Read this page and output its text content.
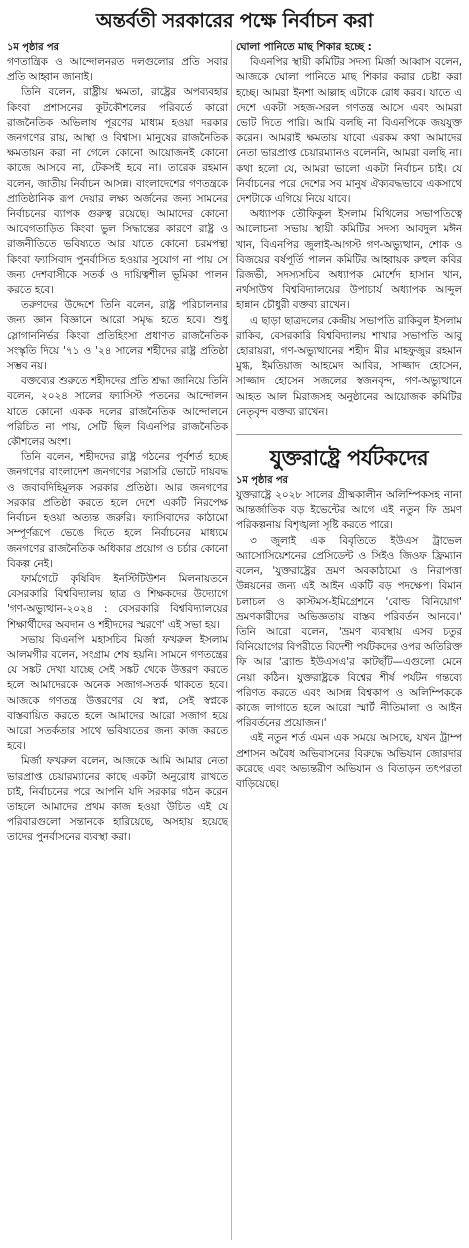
অন্তর্বতী সরকারের পক্ষে নির্বাচন করা

১ম পৃষ্ঠার পর

গণতান্ত্রিক ও আন্দোলনরত দলগুলোর প্রতি সবার প্রতি আহ্বান জানাই।

তিনি বলেন, রাষ্ট্রীয় ক্ষমতা, রাষ্ট্রের অপব্যবহার কিংবা প্রশাসনের কূটকৌশলের পরিবর্তে কারো রাজনৈতিক অভিলাষ পূরণের মাধ্যম হওয়া দরকার জনগণের রায়, আস্থা ও বিশ্বাস। মানুষের রাজনৈতিক ক্ষমতায়ন করা না গেলে কোনো আয়োজনই কোনো কাজে আসবে না, টেকসই হবে না। তারেক রহমান বলেন, জাতীয় নির্বাচন আসন্ন। বাংলাদেশের গণতন্ত্রকে প্রাতিষ্ঠানিক রূপ দেয়ার লক্ষ্য অর্জনের জন্য সামনের নির্বাচনের ব্যাপক গুরুত্ব রয়েছে। আমাদের কোনো আবেগতাড়িত কিংবা ভুল সিদ্ধান্তের কারণে রাষ্ট্র ও রাজনীতিতে ভবিষ্যতে আর যাতে কোনো চরমপন্থা কিংবা ফ্যাসিবাদ পুনর্বাসিত হওয়ার সুযোগ না পায় সে জন্য দেশবাসীকে সতর্ক ও দায়িত্বশীল ভূমিকা পালন করতে হবে।

তরুণদের উদ্দেশে তিনি বলেন, রাষ্ট্র পরিচালনার জন্য জ্ঞান বিজ্ঞানে আরো সমৃদ্ধ হতে হবে। শুধু স্লোগাননির্ভর কিংবা প্রতিহিংসা প্রধাণত রাজনৈতিক সংস্কৃতি দিয়ে '৭১ ও '২৪ সালের শহীদের রাষ্ট্র প্রতিষ্ঠা সম্ভব নয়।

বক্তব্যের শুরুতে শহীদদের প্রতি শ্রদ্ধা জানিয়ে তিনি বলেন, ২০২৪ সালের ফ্যাসিস্ট পতনের আন্দোলন যাতে কোনো একক দলের রাজনৈতিক আন্দোলনে পরিচিত না পায়, সেটি ছিল বিএনপির রাজনৈতিক কৌশলের অংশ।

তিনি বলেন, শহীদদের রাষ্ট্র গঠনের পূর্বশর্ত হচ্ছে জনগণের বাংলাদেশ জনগণের সরাসরি ভোটে দায়বদ্ধ ও জবাবদিহিমূলক সরকার প্রতিষ্ঠা। আর জনগণের সরকার প্রতিষ্ঠা করতে হলে দেশে একটি নিরপেক্ষ নির্বাচন হওয়া অত্যন্ত জরুরি। ফ্যাসিবাদের কাঠামো সম্পূর্ণরূপে ভেঙে দিতে হলে নির্বাচনের মাধ্যমে জনগণের রাজনৈতিক অধিকার প্রয়োগ ও চর্চার কোনো বিকল্প নেই।

ফার্মগেটে কৃষিবিদ ইনস্টিটিউশন মিলনায়তনে বেসরকারি বিশ্ববিদ্যালয় ছাত্র ও শিক্ষকদের উদ্যোগে 'গণ-অভ্যুত্থান-২০২৪ : বেসরকারি বিশ্ববিদ্যালয়ের শিক্ষার্থীদের অবদান ও শহীদদের স্মরণে' এই সভা হয়।

সভায় বিএনপি মহাসচিব মির্জা ফখরুল ইসলাম আলমগীর বলেন, সংগ্রাম শেষ হয়নি। সামনে গণতন্ত্রের যে সঙ্কট দেখা যাচ্ছে সেই সঙ্কট থেকে উত্তরণ করতে হলে আমাদেরকে অনেক সজাগ-সতর্ক থাকতে হবে। আজকে গণতন্ত্র উত্তরণের যে স্বপ্ন, সেই স্বপ্নকে বাস্তবায়িত করতে হলে আমাদের আরো সজাগ হয়ে আরো সতর্কতার সাথে ভবিষ্যতের জন্য কাজ করতে হবে।

মির্জা ফখরুল বলেন, আজকে আমি আমার নেতা ভারপ্রাপ্ত চেয়ারম্যানের কাছে একটা অনুরোধ রাখতে চাই, নির্বাচনের পরে আপনি যদি সরকার গঠন করেন তাহলে আমাদের প্রথম কাজ হওয়া উচিত এই যে পরিবারগুলো সন্তানকে হারিয়েছে, অসহায় হয়েছে তাদের পুনর্বাসনের ব্যবস্থা করা।

ঘোলা পানিতে মাছ শিকার হচ্ছে :

বিএনপির স্থায়ী কমিটির সদস্য মির্জা আব্বাস বলেন, আজকে ঘোলা পানিতে মাছ শিকার করার চেষ্টা করা হচ্ছে। আমরা ইনশা আল্লাহ এটাকে রোধ করব। যাতে এ দেশে একটা সহজ-সরল গণতন্ত্র আসে এবং আমরা ভোট দিতে পারি। আমি বলছি না বিএনপিকে জয়যুক্ত করেন। আমরাই ক্ষমতায় যাবো এরকম কথা আমাদের নেতা ভারপ্রাপ্ত চেয়ারম্যানও বলেননি, আমরা বলছি না। কথা হলো যে, আমরা ভালো একটা নির্বাচন চাই। যে নির্বাচনের পরে দেশের সব মানুষ ঐক্যবদ্ধভাবে একসাথে দেশটাকে এগিয়ে নিয়ে যাবে।

অধ্যাপক তৌফিকুল ইসলাম মিথিলের সভাপতিত্বে আলোচনা সভায় স্থায়ী কমিটির সদস্য আবদুল মঈন খান, বিএনপির জুলাই-আগস্ট গণ-অভ্যুত্থান, শোক ও বিজয়ের বর্ষপূর্তি পালন কমিটির আহ্বায়ক রুহুল কবির রিজভী, সদস্যসচিব অধ্যাপক মোর্শেদ হাসান খান, নর্থসাউথ বিশ্ববিদ্যালয়ের উপাচার্য অধ্যাপক আব্দুল হান্নান চৌধুরী বক্তব্য রাখেন।

এ ছাড়া ছাত্রদলের কেন্দ্রীয় সভাপতি রাকিবুল ইসলাম রাকিব, বেসরকারি বিশ্ববিদ্যালয় শাখার সভাপতি আবু হোরায়রা, গণ-অভ্যুত্থানের শহীদ মীর মাহফুজুর রহমান মুগ্ধ, ইমতিয়াজ আহমেদ আবির, সাজ্জাদ হোসেন, সাজ্জাদ হোসেন সজলের স্বজনবৃন্দ, গণ-অভ্যুত্থানে আহত আল মিরাজসহ অনুষ্ঠানের আয়োজক কমিটির নেতৃবৃন্দ বক্তব্য রাখেন।

যুক্তরাষ্ট্রে পর্যটকদের

১ম পৃষ্ঠার পর

যুক্তরাষ্ট্রে ২০২৮ সালের গ্রীষ্মকালীন অলিম্পিকসহ নানা আন্তর্জাতিক বড় ইভেন্টের আগে এই নতুন ফি ভ্রমণ পরিকল্পনায় বিশৃঙ্খলা সৃষ্টি করতে পারে।

৩ জুলাই এক বিবৃতিতে ইউএস ট্রাভেল অ্যাসোসিয়েশনের প্রেসিডেন্ট ও সিইও জিওফ ফ্রিম্যান বলেন, 'যুক্তরাষ্ট্রের ভ্রমণ অবকাঠামো ও নিরাপত্তা উন্নয়নের জন্য এই আইন একটি বড় পদক্ষেপ। বিমান চলাচল ও কাস্টমস-ইমিগ্রেশনে 'বোল্ড বিনিয়োগ' ভ্রমণকারীদের অভিজ্ঞতায় বাস্তব পরিবর্তন আনবে।' তিনি আরো বলেন, 'ভ্রমণ ব্যবস্থায় এসব চতুর বিনিয়োগের বিপরীতে বিদেশী পর্যটকদের ওপর অতিরিক্ত ফি আর 'ব্র্যান্ড ইউএসএ'র কাটছাঁট—এগুলো মেনে নেয়া কঠিন। যুক্তরাষ্ট্রকে বিশ্বের শীর্ষ পর্যটন গন্তব্যে পরিণত করতে এবং আসন্ন বিশ্বকাপ ও অলিম্পিককে কাজে লাগাতে হলে আরো স্মার্ট নীতিমালা ও আইন পরিবর্তনের প্রয়োজন।'

এই নতুন শর্ত এমন এক সময়ে আসছে, যখন ট্রাম্প প্রশাসন অবৈধ অভিবাসনের বিরুদ্ধে অভিযান জোরদার করেছে এবং অভ্যন্তরীণ অভিযান ও বিতাড়ন তৎপরতা বাড়িয়েছে।
